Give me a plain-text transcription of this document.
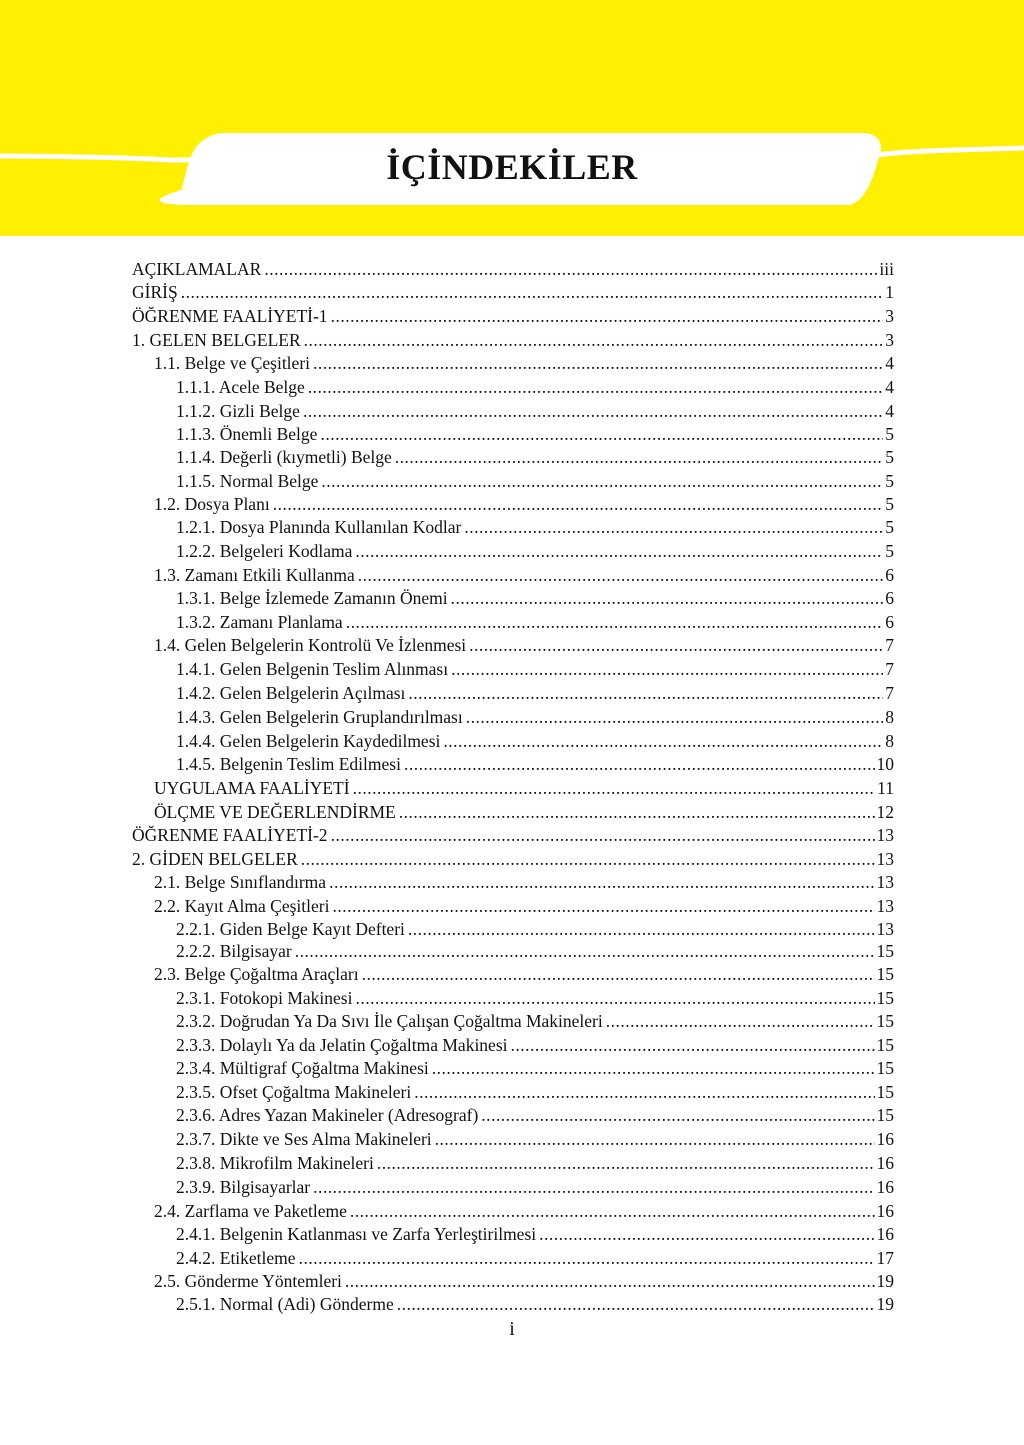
İÇİNDEKİLER
AÇIKLAMALAR .....	iii
GİRİŞ .....	1
ÖĞRENME FAALİYETİ-1 .....	3
1. GELEN BELGELER .....	3
1.1. Belge ve Çeşitleri .....	4
1.1.1. Acele Belge .....	4
1.1.2. Gizli Belge .....	4
1.1.3. Önemli Belge .....	5
1.1.4. Değerli (kıymetli) Belge .....	5
1.1.5. Normal Belge .....	5
1.2. Dosya Planı .....	5
1.2.1. Dosya Planında Kullanılan Kodlar .....	5
1.2.2. Belgeleri Kodlama .....	5
1.3. Zamanı Etkili Kullanma .....	6
1.3.1. Belge İzlemede Zamanın Önemi .....	6
1.3.2. Zamanı Planlama .....	6
1.4. Gelen Belgelerin Kontrolü Ve İzlenmesi .....	7
1.4.1. Gelen Belgenin Teslim Alınması .....	7
1.4.2. Gelen Belgelerin Açılması .....	7
1.4.3. Gelen Belgelerin Gruplandırılması .....	8
1.4.4. Gelen Belgelerin Kaydedilmesi .....	8
1.4.5. Belgenin Teslim Edilmesi .....	10
UYGULAMA FAALİYETİ .....	11
ÖLÇME VE DEĞERLENDİRME .....	12
ÖĞRENME FAALİYETİ-2 .....	13
2. GİDEN BELGELER .....	13
2.1. Belge Sınıflandırma .....	13
2.2. Kayıt Alma Çeşitleri .....	13
2.2.1. Giden Belge Kayıt Defteri .....	13
2.2.2. Bilgisayar .....	15
2.3. Belge Çoğaltma Araçları .....	15
2.3.1. Fotokopi Makinesi .....	15
2.3.2. Doğrudan Ya Da Sıvı İle Çalışan Çoğaltma Makineleri .....	15
2.3.3. Dolaylı Ya da Jelatin Çoğaltma Makinesi .....	15
2.3.4. Mültigraf Çoğaltma Makinesi .....	15
2.3.5. Ofset Çoğaltma Makineleri .....	15
2.3.6. Adres Yazan Makineler (Adresograf) .....	15
2.3.7. Dikte ve Ses Alma Makineleri .....	16
2.3.8. Mikrofilm Makineleri .....	16
2.3.9. Bilgisayarlar .....	16
2.4. Zarflama ve Paketleme .....	16
2.4.1. Belgenin Katlanması ve Zarfa Yerleştirilmesi .....	16
2.4.2. Etiketleme .....	17
2.5. Gönderme Yöntemleri .....	19
2.5.1. Normal (Adi) Gönderme .....	19
i
